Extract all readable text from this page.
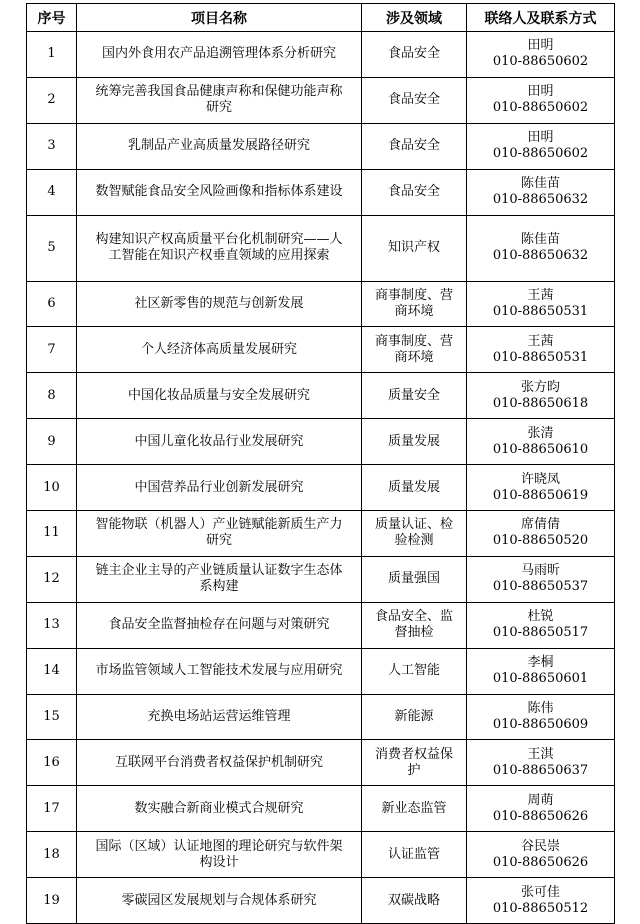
序号	项目名称	涉及领域	联络人及联系方式
1	国内外食用农产品追溯管理体系分析研究	食品安全	田明
010-88650602

2	统筹完善我国食品健康声称和保健功能声称研究	食品安全	田明
010-88650602

3	乳制品产业高质量发展路径研究	食品安全	田明
010-88650602

4	数智赋能食品安全风险画像和指标体系建设	食品安全	陈佳苗
010-88650632

5	构建知识产权高质量平台化机制研究——人工智能在知识产权垂直领域的应用探索	知识产权	陈佳苗
010-88650632

6	社区新零售的规范与创新发展	商事制度、营商环境	王茜
010-88650531

7	个人经济体高质量发展研究	商事制度、营商环境	王茜
010-88650531

8	中国化妆品质量与安全发展研究	质量安全	张方昀
010-88650618

9	中国儿童化妆品行业发展研究	质量发展	张清
010-88650610

10	中国营养品行业创新发展研究	质量发展	许晓凤
010-88650619

11	智能物联（机器人）产业链赋能新质生产力研究	质量认证、检验检测	席倩倩
010-88650520

12	链主企业主导的产业链质量认证数字生态体系构建	质量强国	马雨昕
010-88650537

13	食品安全监督抽检存在问题与对策研究	食品安全、监督抽检	杜锐
010-88650517

14	市场监管领域人工智能技术发展与应用研究	人工智能	李桐
010-88650601

15	充换电场站运营运维管理	新能源	陈伟
010-88650609

16	互联网平台消费者权益保护机制研究	消费者权益保护	王淇
010-88650637

17	数实融合新商业模式合规研究	新业态监管	周萌
010-88650626

18	国际（区域）认证地图的理论研究与软件架构设计	认证监管	谷民崇
010-88650626

19	零碳园区发展规划与合规体系研究	双碳战略	张可佳
010-88650512
